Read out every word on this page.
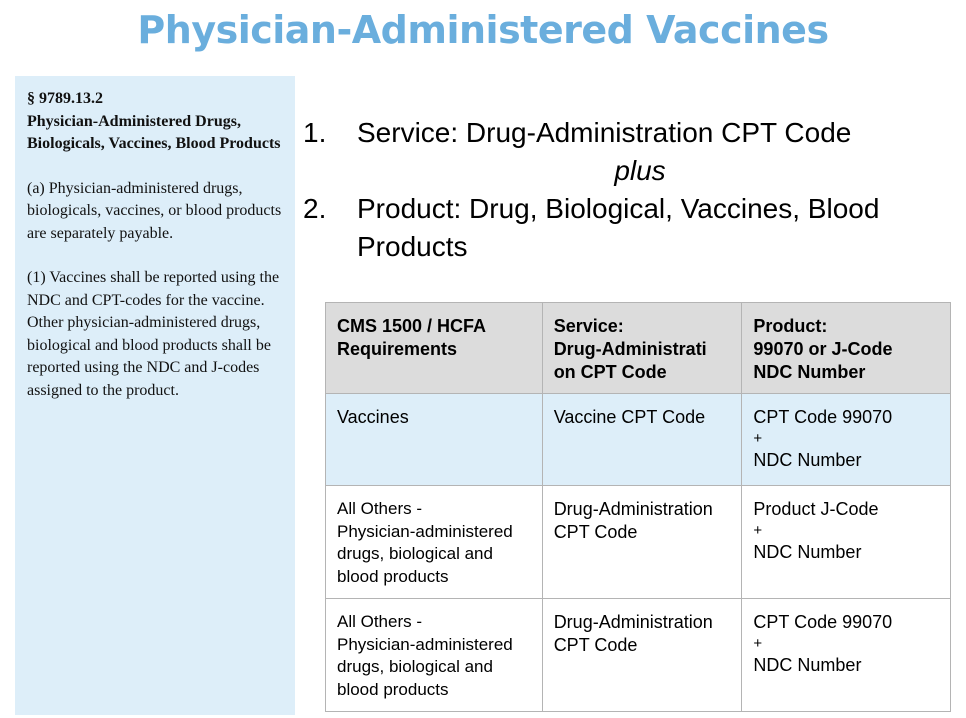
Physician-Administered Vaccines
§ 9789.13.2
Physician-Administered Drugs, Biologicals, Vaccines, Blood Products
(a) Physician-administered drugs, biologicals, vaccines, or blood products are separately payable.
(1) Vaccines shall be reported using the NDC and CPT-codes for the vaccine. Other physician-administered drugs, biological and blood products shall be reported using the NDC and J-codes assigned to the product.
1.	Service: Drug-Administration CPT Code
plus
2.	Product: Drug, Biological, Vaccines, Blood Products
CMS 1500 / HCFA
Requirements	Service:
Drug-Administrati
on CPT Code	Product:
99070 or J-Code
NDC Number

Vaccines	Vaccine CPT Code	CPT Code 99070
+
NDC Number

All Others -
Physician-administered
drugs, biological and
blood products	Drug-Administration
CPT Code	Product J-Code
+
NDC Number

All Others -
Physician-administered
drugs, biological and
blood products	Drug-Administration
CPT Code	CPT Code 99070
+
NDC Number
